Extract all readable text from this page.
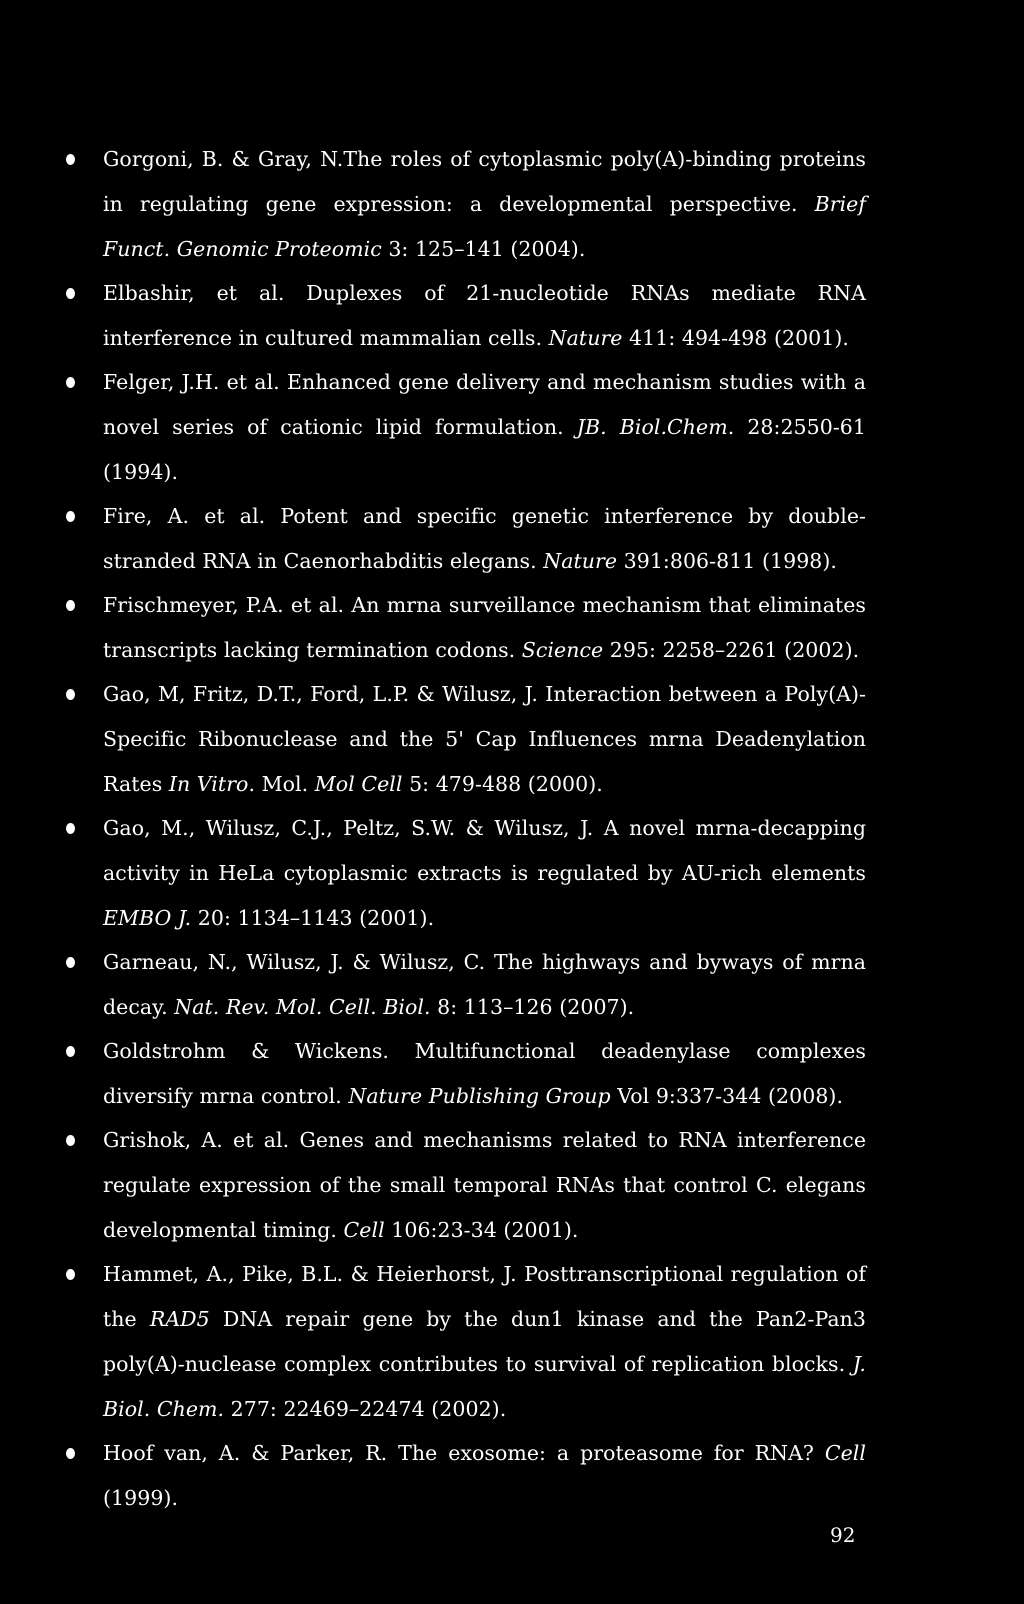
Gorgoni, B. & Gray, N.The roles of cytoplasmic poly(A)-binding proteins in regulating gene expression: a developmental perspective. Brief Funct. Genomic Proteomic 3: 125–141 (2004).
Elbashir, et al. Duplexes of 21-nucleotide RNAs mediate RNA interference in cultured mammalian cells. Nature 411: 494-498 (2001).
Felger, J.H. et al. Enhanced gene delivery and mechanism studies with a novel series of cationic lipid formulation. JB. Biol.Chem. 28:2550-61 (1994).
Fire, A. et al. Potent and specific genetic interference by double-stranded RNA in Caenorhabditis elegans. Nature 391:806-811 (1998).
Frischmeyer, P.A. et al. An mrna surveillance mechanism that eliminates transcripts lacking termination codons. Science 295: 2258–2261 (2002).
Gao, M, Fritz, D.T., Ford, L.P. & Wilusz, J. Interaction between a Poly(A)-Specific Ribonuclease and the 5' Cap Influences mrna Deadenylation Rates In Vitro. Mol. Mol Cell 5: 479-488 (2000).
Gao, M., Wilusz, C.J., Peltz, S.W. & Wilusz, J. A novel mrna-decapping activity in HeLa cytoplasmic extracts is regulated by AU-rich elements EMBO J. 20: 1134–1143 (2001).
Garneau, N., Wilusz, J. & Wilusz, C. The highways and byways of mrna decay. Nat. Rev. Mol. Cell. Biol. 8: 113–126 (2007).
Goldstrohm & Wickens. Multifunctional deadenylase complexes diversify mrna control. Nature Publishing Group Vol 9:337-344 (2008).
Grishok, A. et al. Genes and mechanisms related to RNA interference regulate expression of the small temporal RNAs that control C. elegans developmental timing. Cell 106:23-34 (2001).
Hammet, A., Pike, B.L. & Heierhorst, J. Posttranscriptional regulation of the RAD5 DNA repair gene by the dun1 kinase and the Pan2-Pan3 poly(A)-nuclease complex contributes to survival of replication blocks. J. Biol. Chem. 277: 22469–22474 (2002).
Hoof van, A. & Parker, R. The exosome: a proteasome for RNA? Cell (1999).
92
